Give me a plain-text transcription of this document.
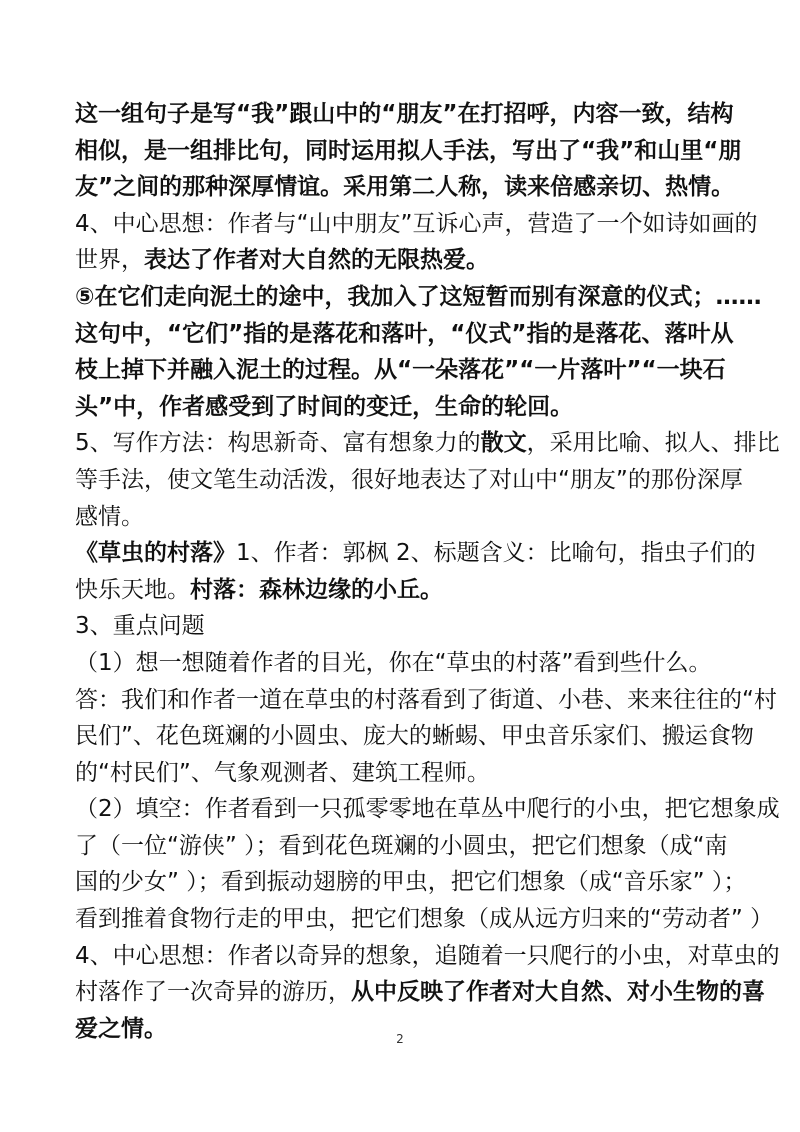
这一组句子是写“我”跟山中的“朋友”在打招呼，内容一致，结构
相似，是一组排比句，同时运用拟人手法，写出了“我”和山里“朋
友”之间的那种深厚情谊。采用第二人称，读来倍感亲切、热情。
4、中心思想：作者与“山中朋友”互诉心声，营造了一个如诗如画的
世界，表达了作者对大自然的无限热爱。
⑤在它们走向泥土的途中，我加入了这短暂而别有深意的仪式；……
这句中，“它们”指的是落花和落叶，“仪式”指的是落花、落叶从
枝上掉下并融入泥土的过程。从“一朵落花”“一片落叶”“一块石
头”中，作者感受到了时间的变迁，生命的轮回。
5、写作方法：构思新奇、富有想象力的散文，采用比喻、拟人、排比
等手法，使文笔生动活泼，很好地表达了对山中“朋友”的那份深厚
感情。
《草虫的村落》1、作者：郭枫 2、标题含义：比喻句，指虫子们的
快乐天地。村落：森林边缘的小丘。
3、重点问题
（1）想一想随着作者的目光，你在“草虫的村落”看到些什么。
答：我们和作者一道在草虫的村落看到了街道、小巷、来来往往的“村
民们”、花色斑斓的小圆虫、庞大的蜥蜴、甲虫音乐家们、搬运食物
的“村民们”、气象观测者、建筑工程师。
（2）填空：作者看到一只孤零零地在草丛中爬行的小虫，把它想象成
了（一位“游侠” ）；看到花色斑斓的小圆虫，把它们想象（成“南
国的少女” ）；看到振动翅膀的甲虫，把它们想象（成“音乐家” ）；
看到推着食物行走的甲虫，把它们想象（成从远方归来的“劳动者” ）
4、中心思想：作者以奇异的想象，追随着一只爬行的小虫，对草虫的
村落作了一次奇异的游历，从中反映了作者对大自然、对小生物的喜
爱之情。	2
